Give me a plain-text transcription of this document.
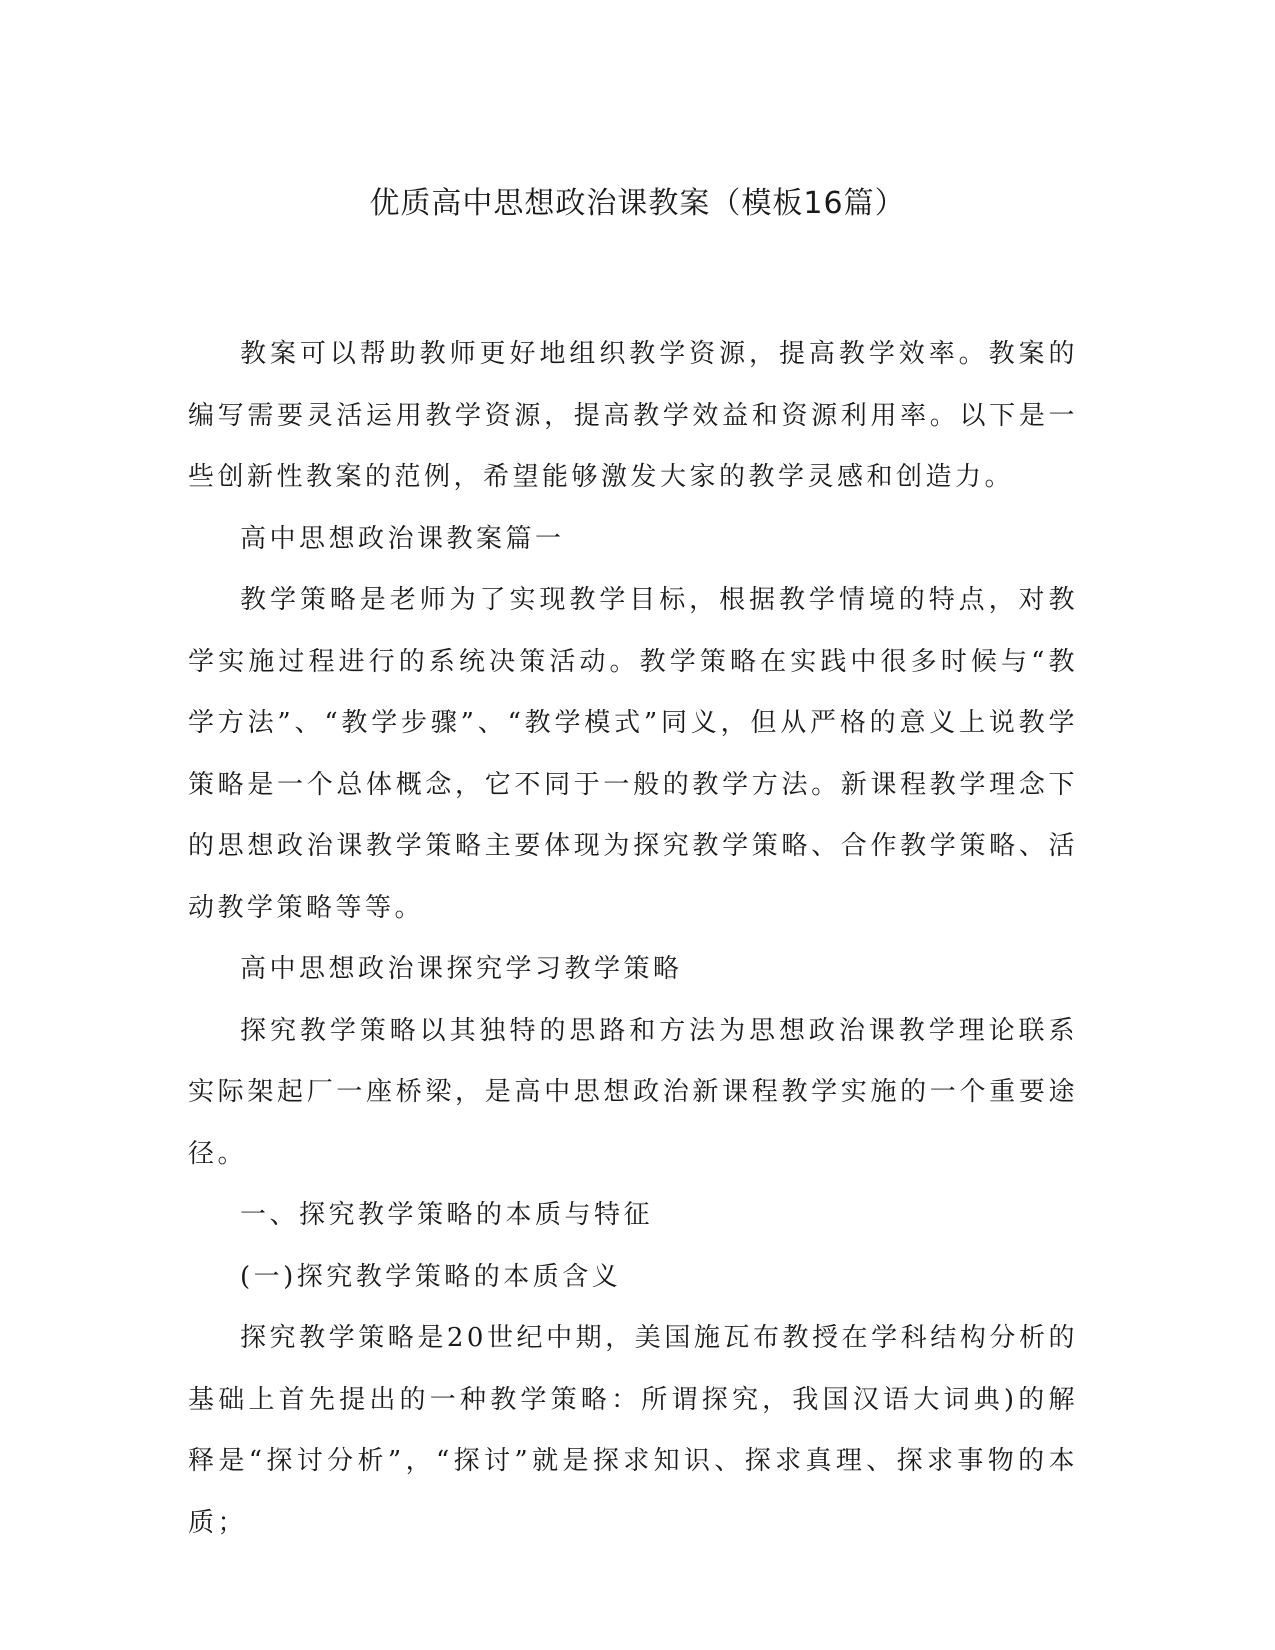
优质高中思想政治课教案（模板16篇）

教案可以帮助教师更好地组织教学资源，提高教学效率。教案的编写需要灵活运用教学资源，提高教学效益和资源利用率。以下是一些创新性教案的范例，希望能够激发大家的教学灵感和创造力。

高中思想政治课教案篇一

教学策略是老师为了实现教学目标，根据教学情境的特点，对教学实施过程进行的系统决策活动。教学策略在实践中很多时候与“教学方法”、“教学步骤”、“教学模式”同义，但从严格的意义上说教学策略是一个总体概念，它不同于一般的教学方法。新课程教学理念下的思想政治课教学策略主要体现为探究教学策略、合作教学策略、活动教学策略等等。

高中思想政治课探究学习教学策略

探究教学策略以其独特的思路和方法为思想政治课教学理论联系实际架起厂一座桥梁，是高中思想政治新课程教学实施的一个重要途径。

一、探究教学策略的本质与特征

(一)探究教学策略的本质含义

探究教学策略是20世纪中期，美国施瓦布教授在学科结构分析的基础上首先提出的一种教学策略：所谓探究，我国汉语大词典)的解释是“探讨分析”，“探讨”就是探求知识、探求真理、探求事物的本质；
